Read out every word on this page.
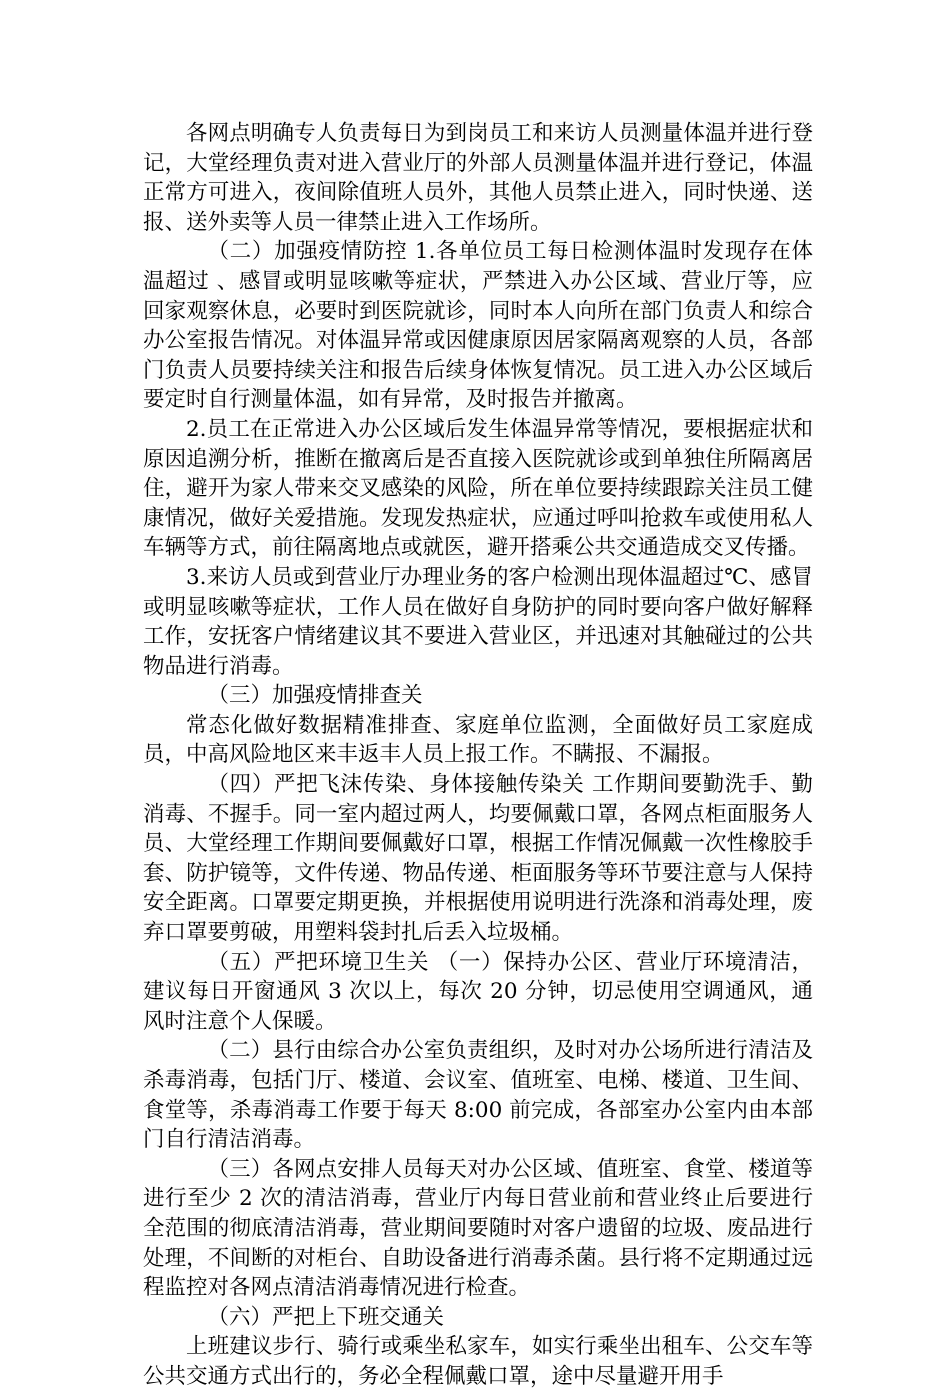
各网点明确专人负责每日为到岗员工和来访人员测量体温并进行登记，大堂经理负责对进入营业厅的外部人员测量体温并进行登记，体温正常方可进入，夜间除值班人员外，其他人员禁止进入，同时快递、送报、送外卖等人员一律禁止进入工作场所。

（二）加强疫情防控 1.各单位员工每日检测体温时发现存在体温超过 、感冒或明显咳嗽等症状，严禁进入办公区域、营业厅等，应回家观察休息，必要时到医院就诊，同时本人向所在部门负责人和综合办公室报告情况。对体温异常或因健康原因居家隔离观察的人员，各部门负责人员要持续关注和报告后续身体恢复情况。员工进入办公区域后要定时自行测量体温，如有异常，及时报告并撤离。

2.员工在正常进入办公区域后发生体温异常等情况，要根据症状和原因追溯分析，推断在撤离后是否直接入医院就诊或到单独住所隔离居住，避开为家人带来交叉感染的风险，所在单位要持续跟踪关注员工健康情况，做好关爱措施。发现发热症状，应通过呼叫抢救车或使用私人车辆等方式，前往隔离地点或就医，避开搭乘公共交通造成交叉传播。

3.来访人员或到营业厅办理业务的客户检测出现体温超过℃、感冒或明显咳嗽等症状，工作人员在做好自身防护的同时要向客户做好解释工作，安抚客户情绪建议其不要进入营业区，并迅速对其触碰过的公共物品进行消毒。

（三）加强疫情排查关

常态化做好数据精准排查、家庭单位监测，全面做好员工家庭成员，中高风险地区来丰返丰人员上报工作。不瞒报、不漏报。

（四）严把飞沫传染、身体接触传染关 工作期间要勤洗手、勤消毒、不握手。同一室内超过两人，均要佩戴口罩，各网点柜面服务人员、大堂经理工作期间要佩戴好口罩，根据工作情况佩戴一次性橡胶手套、防护镜等，文件传递、物品传递、柜面服务等环节要注意与人保持安全距离。口罩要定期更换，并根据使用说明进行洗涤和消毒处理，废弃口罩要剪破，用塑料袋封扎后丢入垃圾桶。

（五）严把环境卫生关 （一）保持办公区、营业厅环境清洁，建议每日开窗通风 3 次以上，每次 20 分钟，切忌使用空调通风，通风时注意个人保暖。

（二）县行由综合办公室负责组织，及时对办公场所进行清洁及杀毒消毒，包括门厅、楼道、会议室、值班室、电梯、楼道、卫生间、食堂等，杀毒消毒工作要于每天 8:00 前完成，各部室办公室内由本部门自行清洁消毒。

（三）各网点安排人员每天对办公区域、值班室、食堂、楼道等进行至少 2 次的清洁消毒，营业厅内每日营业前和营业终止后要进行全范围的彻底清洁消毒，营业期间要随时对客户遗留的垃圾、废品进行处理，不间断的对柜台、自助设备进行消毒杀菌。县行将不定期通过远程监控对各网点清洁消毒情况进行检查。

（六）严把上下班交通关

上班建议步行、骑行或乘坐私家车，如实行乘坐出租车、公交车等公共交通方式出行的，务必全程佩戴口罩，途中尽量避开用手
